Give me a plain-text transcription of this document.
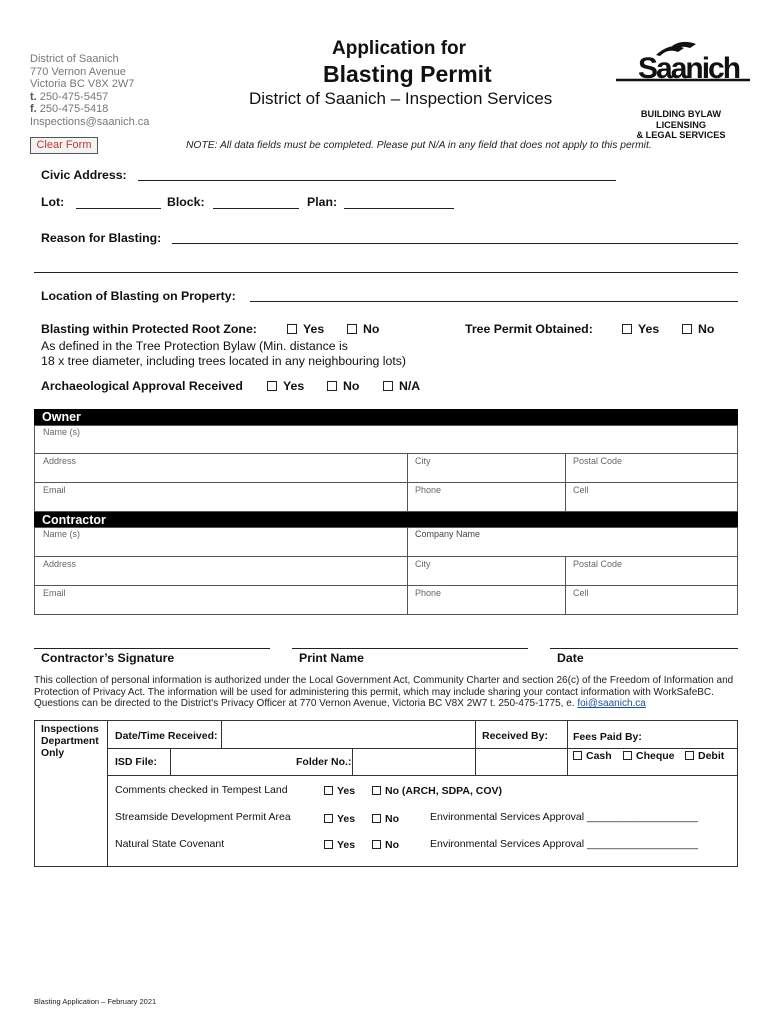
District of Saanich
770 Vernon Avenue
Victoria BC V8X 2W7
t. 250-475-5457
f. 250-475-5418
Inspections@saanich.ca
Application for
Blasting Permit
District of Saanich – Inspection Services
Saanich
BUILDING BYLAW LICENSING
& LEGAL SERVICES
Clear Form	NOTE: All data fields must be completed. Please put N/A in any field that does not apply to this permit.
Civic Address:
Lot:	Block:	Plan:
Reason for Blasting:
Location of Blasting on Property:
Blasting within Protected Root Zone:	Yes	No
As defined in the Tree Protection Bylaw (Min. distance is
18 x tree diameter, including trees located in any neighbouring lots)
Tree Permit Obtained:	Yes	No
Archaeological Approval Received	Yes	No	N/A
Owner
Name (s)
Address	City	Postal Code
Email	Phone	Cell
Contractor
Name (s)	Company Name
Address	City	Postal Code
Email	Phone	Cell
Contractor’s Signature	Print Name	Date
This collection of personal information is authorized under the Local Government Act, Community Charter and section 26(c) of the Freedom of Information and Protection of Privacy Act. The information will be used for administering this permit, which may include sharing your contact information with WorkSafeBC. Questions can be directed to the District's Privacy Officer at 770 Vernon Avenue, Victoria BC V8X 2W7 t. 250-475-1775, e. foi@saanich.ca
Inspections
Department
Only
Date/Time Received:	Received By: Fees Paid By:
Cash	Cheque	Debit
ISD File:	Folder No.:
Comments checked in Tempest Land	Yes	No (ARCH, SDPA, COV)
Streamside Development Permit Area	Yes	No	Environmental Services Approval ___________________
Natural State Covenant	Yes	No	Environmental Services Approval ___________________
Blasting Application – February 2021
